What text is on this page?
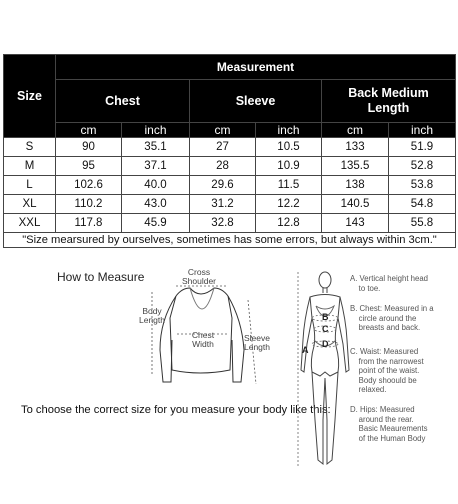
Size	Measurement					
	Chest		Sleeve		Back Medium
Length	
	cm	inch	cm	inch	cm	inch
S	90	35.1	27	10.5	133	51.9
M	95	37.1	28	10.9	135.5	52.8
L	102.6	40.0	29.6	11.5	138	53.8
XL	110.2	43.0	31.2	12.2	140.5	54.8
XXL	117.8	45.9	32.8	12.8	143	55.8
"Size mearsured by ourselves, sometimes has some errors, but always within 3cm."						
How to Measure	Cross
Shoulder
Body
Length
Chest
Width
Sleeve
Length
To choose the correct size for you measure your body like this:
A
B
C
D
A. Vertical height head
to toe.
B. Chest: Measured in a
circle around the
breasts and back.
C. Waist: Measured
from the narrowest
point of the waist.
Body shoould be
relaxed.
D. Hips: Measured
around the rear.
Basic Meaurements
of the Human Body
